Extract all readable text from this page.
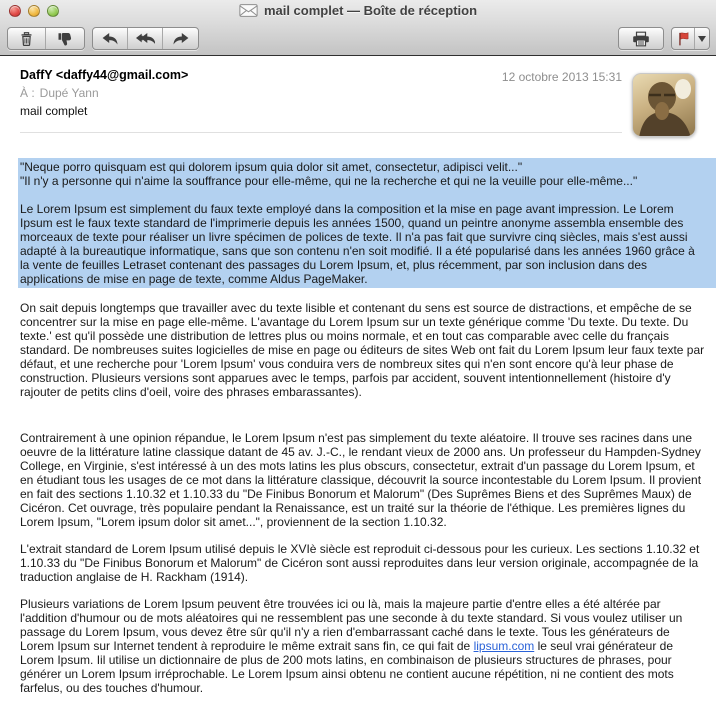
mail complet — Boîte de réception
DaffY <daffy44@gmail.com>
À : Dupé Yann
mail complet
12 octobre 2013 15:31
"Neque porro quisquam est qui dolorem ipsum quia dolor sit amet, consectetur, adipisci velit..."
"Il n'y a personne qui n'aime la souffrance pour elle-même, qui ne la recherche et qui ne la veuille pour elle-même..."

Le Lorem Ipsum est simplement du faux texte employé dans la composition et la mise en page avant impression. Le Lorem Ipsum est le faux texte standard de l'imprimerie depuis les années 1500, quand un peintre anonyme assembla ensemble des morceaux de texte pour réaliser un livre spécimen de polices de texte. Il n'a pas fait que survivre cinq siècles, mais s'est aussi adapté à la bureautique informatique, sans que son contenu n'en soit modifié. Il a été popularisé dans les années 1960 grâce à la vente de feuilles Letraset contenant des passages du Lorem Ipsum, et, plus récemment, par son inclusion dans des applications de mise en page de texte, comme Aldus PageMaker.

On sait depuis longtemps que travailler avec du texte lisible et contenant du sens est source de distractions, et empêche de se concentrer sur la mise en page elle-même. L'avantage du Lorem Ipsum sur un texte générique comme 'Du texte. Du texte. Du texte.' est qu'il possède une distribution de lettres plus ou moins normale, et en tout cas comparable avec celle du français standard. De nombreuses suites logicielles de mise en page ou éditeurs de sites Web ont fait du Lorem Ipsum leur faux texte par défaut, et une recherche pour 'Lorem Ipsum' vous conduira vers de nombreux sites qui n'en sont encore qu'à leur phase de construction. Plusieurs versions sont apparues avec le temps, parfois par accident, souvent intentionnellement (histoire d'y rajouter de petits clins d'oeil, voire des phrases embarassantes).

Contrairement à une opinion répandue, le Lorem Ipsum n'est pas simplement du texte aléatoire. Il trouve ses racines dans une oeuvre de la littérature latine classique datant de 45 av. J.-C., le rendant vieux de 2000 ans. Un professeur du Hampden-Sydney College, en Virginie, s'est intéressé à un des mots latins les plus obscurs, consectetur, extrait d'un passage du Lorem Ipsum, et en étudiant tous les usages de ce mot dans la littérature classique, découvrit la source incontestable du Lorem Ipsum. Il provient en fait des sections 1.10.32 et 1.10.33 du "De Finibus Bonorum et Malorum" (Des Suprêmes Biens et des Suprêmes Maux) de Cicéron. Cet ouvrage, très populaire pendant la Renaissance, est un traité sur la théorie de l'éthique. Les premières lignes du Lorem Ipsum, "Lorem ipsum dolor sit amet...", proviennent de la section 1.10.32.

L'extrait standard de Lorem Ipsum utilisé depuis le XVIè siècle est reproduit ci-dessous pour les curieux. Les sections 1.10.32 et 1.10.33 du "De Finibus Bonorum et Malorum" de Cicéron sont aussi reproduites dans leur version originale, accompagnée de la traduction anglaise de H. Rackham (1914).

Plusieurs variations de Lorem Ipsum peuvent être trouvées ici ou là, mais la majeure partie d'entre elles a été altérée par l'addition d'humour ou de mots aléatoires qui ne ressemblent pas une seconde à du texte standard. Si vous voulez utiliser un passage du Lorem Ipsum, vous devez être sûr qu'il n'y a rien d'embarrassant caché dans le texte. Tous les générateurs de Lorem Ipsum sur Internet tendent à reproduire le même extrait sans fin, ce qui fait de lipsum.com le seul vrai générateur de Lorem Ipsum. Iil utilise un dictionnaire de plus de 200 mots latins, en combinaison de plusieurs structures de phrases, pour générer un Lorem Ipsum irréprochable. Le Lorem Ipsum ainsi obtenu ne contient aucune répétition, ni ne contient des mots farfelus, ou des touches d'humour.
